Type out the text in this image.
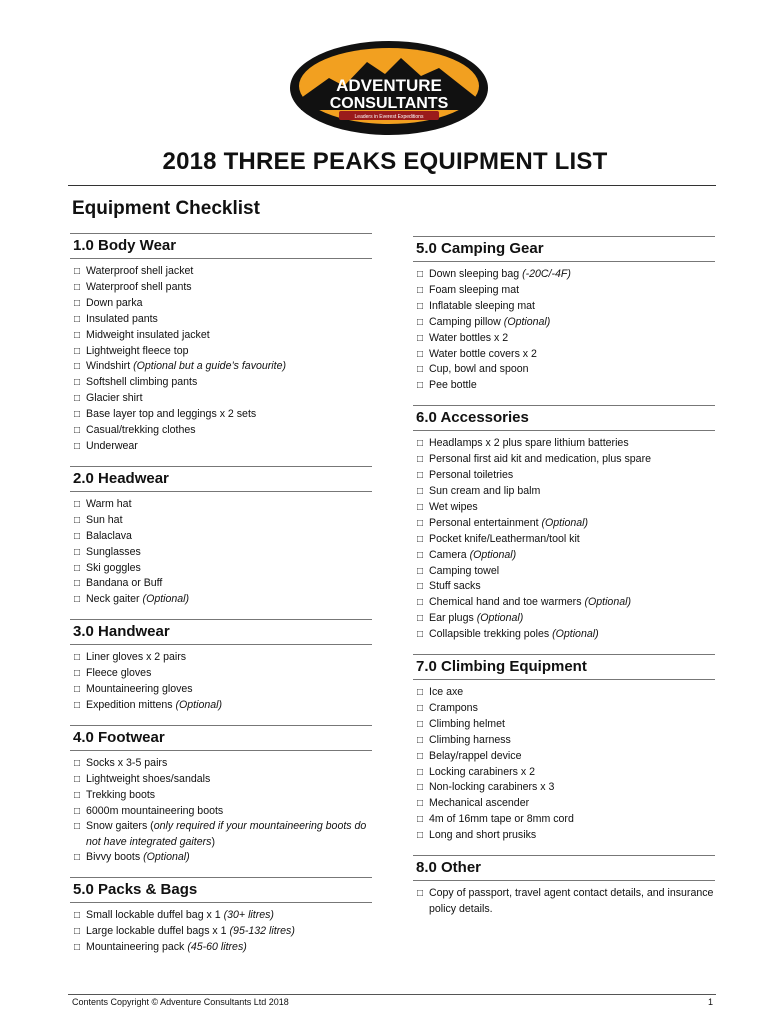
ADVENTURE
CONSULTANTS
Leaders in Everest Expeditions
2018 THREE PEAKS EQUIPMENT LIST
Equipment Checklist
1.0 Body Wear
□ Waterproof shell jacket
□ Waterproof shell pants
□ Down parka
□ Insulated pants
□ Midweight insulated jacket
□ Lightweight fleece top
□ Windshirt (Optional but a guide’s favourite)
□ Softshell climbing pants
□ Glacier shirt
□ Base layer top and leggings x 2 sets
□ Casual/trekking clothes
□ Underwear
2.0 Headwear
□ Warm hat
□ Sun hat
□ Balaclava
□ Sunglasses
□ Ski goggles
□ Bandana or Buff
□ Neck gaiter (Optional)
3.0 Handwear
□ Liner gloves x 2 pairs
□ Fleece gloves
□ Mountaineering gloves
□ Expedition mittens (Optional)
4.0 Footwear
□ Socks x 3-5 pairs
□ Lightweight shoes/sandals
□ Trekking boots
□ 6000m mountaineering boots
□ Snow gaiters (only required if your mountaineering boots do not have integrated gaiters)
□ Bivvy boots (Optional)
5.0 Packs & Bags
□ Small lockable duffel bag x 1 (30+ litres)
□ Large lockable duffel bags x 1 (95-132 litres)
□ Mountaineering pack (45-60 litres)
5.0 Camping Gear
□ Down sleeping bag (-20C/-4F)
□ Foam sleeping mat
□ Inflatable sleeping mat
□ Camping pillow (Optional)
□ Water bottles x 2
□ Water bottle covers x 2
□ Cup, bowl and spoon
□ Pee bottle
6.0 Accessories
□ Headlamps x 2 plus spare lithium batteries
□ Personal first aid kit and medication, plus spare
□ Personal toiletries
□ Sun cream and lip balm
□ Wet wipes
□ Personal entertainment (Optional)
□ Pocket knife/Leatherman/tool kit
□ Camera (Optional)
□ Camping towel
□ Stuff sacks
□ Chemical hand and toe warmers (Optional)
□ Ear plugs (Optional)
□ Collapsible trekking poles (Optional)
7.0 Climbing Equipment
□ Ice axe
□ Crampons
□ Climbing helmet
□ Climbing harness
□ Belay/rappel device
□ Locking carabiners x 2
□ Non-locking carabiners x 3
□ Mechanical ascender
□ 4m of 16mm tape or 8mm cord
□ Long and short prusiks
8.0 Other
□ Copy of passport, travel agent contact details, and insurance policy details.
Contents Copyright © Adventure Consultants Ltd 2018	1
